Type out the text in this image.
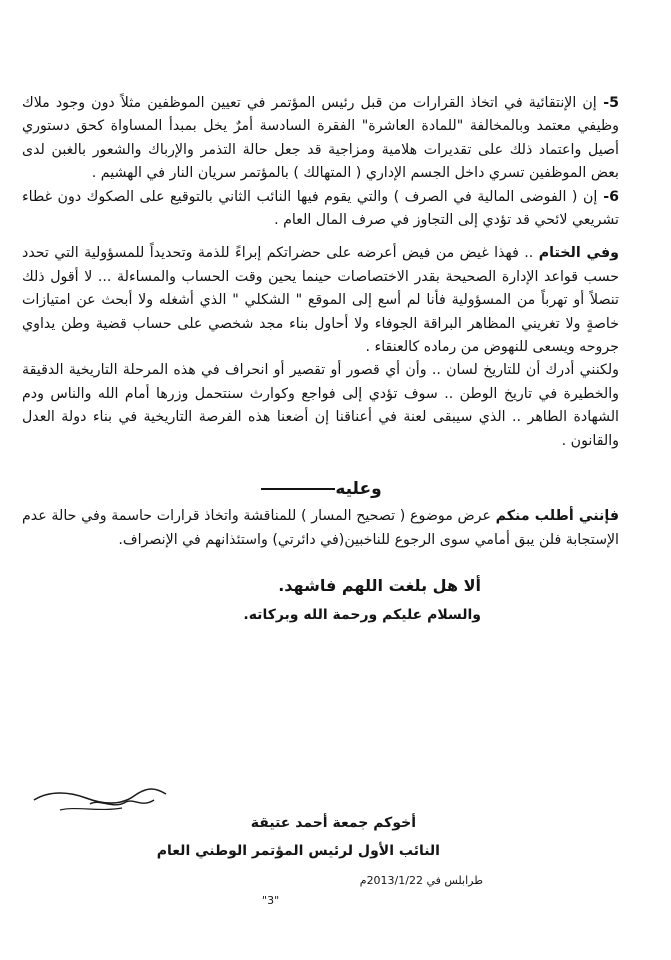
5- إن الإنتقائية في اتخاذ القرارات من قبل رئيس المؤتمر في تعيين الموظفين مثلاً دون وجود ملاك وظيفي معتمد وبالمخالفة "للمادة العاشرة" الفقرة السادسة أمرٌ يخل بمبدأ المساواة كحق دستوري أصيل واعتماد ذلك على تقديرات هلامية ومزاجية قد جعل حالة التذمر والإرباك والشعور بالغبن لدى بعض الموظفين تسري داخل الجسم الإداري ( المتهالك ) بالمؤتمر سريان النار في الهشيم .

6- إن ( الفوضى المالية في الصرف ) والتي يقوم فيها النائب الثاني بالتوقيع على الصكوك دون غطاء تشريعي لائحي قد تؤدي إلى التجاوز في صرف المال العام .

وفي الختام .. فهذا غيض من فيض أعرضه على حضراتكم إبراءً للذمة وتحديداً للمسؤولية التي تحدد حسب قواعد الإدارة الصحيحة بقدر الاختصاصات حينما يحين وقت الحساب والمساءلة ... لا أقول ذلك تنصلاً أو تهرباً من المسؤولية فأنا لم أسع إلى الموقع " الشكلي " الذي أشغله ولا أبحث عن امتيازات خاصةٍ ولا تغريني المظاهر البراقة الجوفاء ولا أحاول بناء مجد شخصي على حساب قضية وطن يداوي جروحه ويسعى للنهوض من رماده كالعنقاء .

ولكنني أدرك أن للتاريخ لسان .. وأن أي قصور أو تقصير أو انحراف في هذه المرحلة التاريخية الدقيقة والخطيرة في تاريخ الوطن .. سوف تؤدي إلى فواجع وكوارث سنتحمل وزرها أمام الله والناس ودم الشهادة الطاهر .. الذي سيبقى لعنة في أعناقنا إن أضعنا هذه الفرصة التاريخية في بناء دولة العدل والقانون .

وعليه

فإنني أطلب منكم عرض موضوع ( تصحيح المسار ) للمناقشة واتخاذ قرارات حاسمة وفي حالة عدم الإستجابة فلن يبق أمامي سوى الرجوع للناخبين(في دائرتي) واستئذانهم في الإنصراف.

ألا هل بلغت اللهم فاشهد.
والسلام عليكم ورحمة الله وبركاته.
أخوكم جمعة أحمد عتيقة
النائب الأول لرئيس المؤتمر الوطني العام
طرابلس في 2013/1/22م
"3"
